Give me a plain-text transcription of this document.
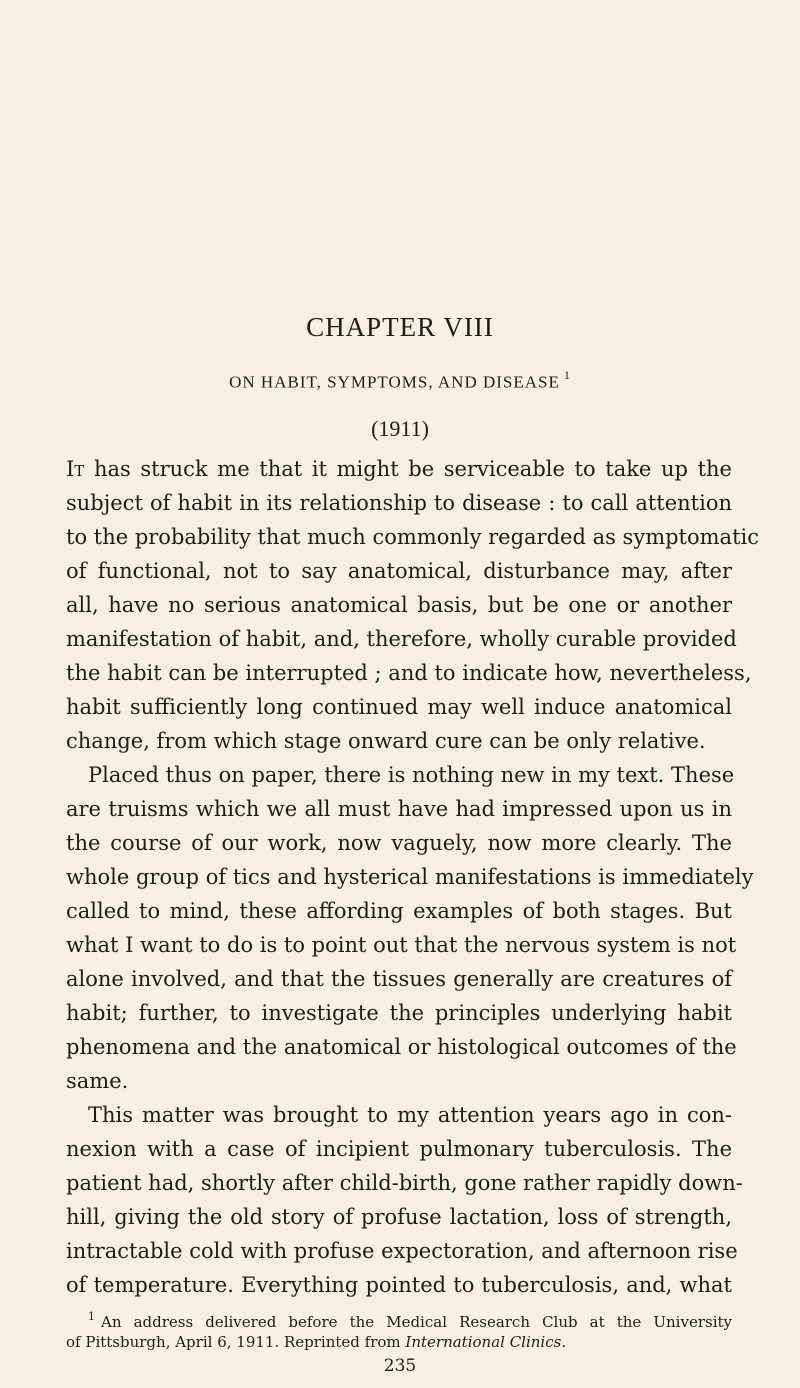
CHAPTER VIII
ON HABIT, SYMPTOMS, AND DISEASE $^1$
(1911)
It has struck me that it might be serviceable to take up the
subject of habit in its relationship to disease : to call attention
to the probability that much commonly regarded as symptomatic
of functional, not to say anatomical, disturbance may, after
all, have no serious anatomical basis, but be one or another
manifestation of habit, and, therefore, wholly curable provided
the habit can be interrupted ; and to indicate how, nevertheless,
habit sufficiently long continued may well induce anatomical
change, from which stage onward cure can be only relative.
Placed thus on paper, there is nothing new in my text. These
are truisms which we all must have had impressed upon us in
the course of our work, now vaguely, now more clearly. The
whole group of tics and hysterical manifestations is immediately
called to mind, these affording examples of both stages. But
what I want to do is to point out that the nervous system is not
alone involved, and that the tissues generally are creatures of
habit; further, to investigate the principles underlying habit
phenomena and the anatomical or histological outcomes of the
same.
This matter was brought to my attention years ago in con-
nexion with a case of incipient pulmonary tuberculosis. The
patient had, shortly after child-birth, gone rather rapidly down-
hill, giving the old story of profuse lactation, loss of strength,
intractable cold with profuse expectoration, and afternoon rise
of temperature. Everything pointed to tuberculosis, and, what
$^1$ An address delivered before the Medical Research Club at the University
of Pittsburgh, April 6, 1911. Reprinted from International Clinics.
235
